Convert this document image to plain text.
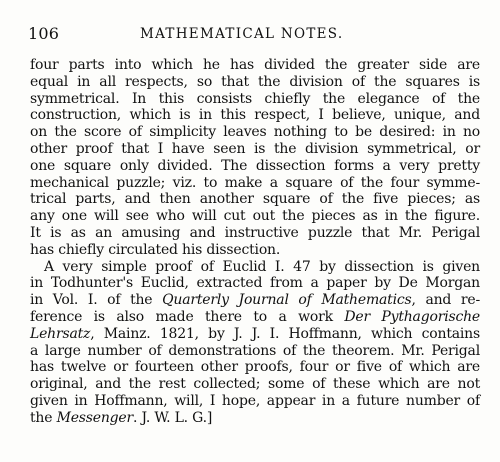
106	MATHEMATICAL NOTES.
four parts into which he has divided the greater side are
equal in all respects, so that the division of the squares is
symmetrical. In this consists chiefly the elegance of the
construction, which is in this respect, I believe, unique, and
on the score of simplicity leaves nothing to be desired: in no
other proof that I have seen is the division symmetrical, or
one square only divided. The dissection forms a very pretty
mechanical puzzle; viz. to make a square of the four symme-
trical parts, and then another square of the five pieces; as
any one will see who will cut out the pieces as in the figure.
It is as an amusing and instructive puzzle that Mr. Perigal
has chiefly circulated his dissection.
A very simple proof of Euclid I. 47 by dissection is given
in Todhunter's Euclid, extracted from a paper by De Morgan
in Vol. I. of the Quarterly Journal of Mathematics, and re-
ference is also made there to a work Der Pythagorische
Lehrsatz, Mainz. 1821, by J. J. I. Hoffmann, which contains
a large number of demonstrations of the theorem. Mr. Perigal
has twelve or fourteen other proofs, four or five of which are
original, and the rest collected; some of these which are not
given in Hoffmann, will, I hope, appear in a future number of
the Messenger. J. W. L. G.]
